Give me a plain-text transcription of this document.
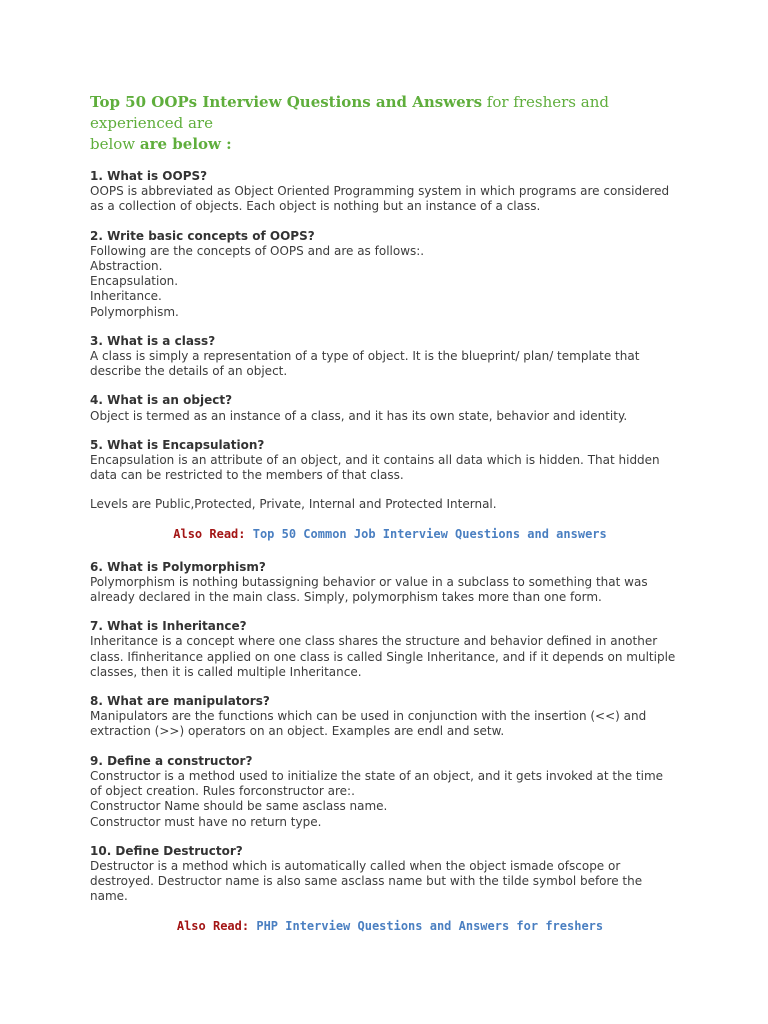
Top 50 OOPs Interview Questions and Answers for freshers and experienced are
below are below :

1. What is OOPS?
OOPS is abbreviated as Object Oriented Programming system in which programs are considered
as a collection of objects. Each object is nothing but an instance of a class.
2. Write basic concepts of OOPS?
Following are the concepts of OOPS and are as follows:.
Abstraction.
Encapsulation.
Inheritance.
Polymorphism.
3. What is a class?
A class is simply a representation of a type of object. It is the blueprint/ plan/ template that
describe the details of an object.
4. What is an object?
Object is termed as an instance of a class, and it has its own state, behavior and identity.
5. What is Encapsulation?
Encapsulation is an attribute of an object, and it contains all data which is hidden. That hidden
data can be restricted to the members of that class.
Levels are Public,Protected, Private, Internal and Protected Internal.
Also Read: Top 50 Common Job Interview Questions and answers
6. What is Polymorphism?
Polymorphism is nothing butassigning behavior or value in a subclass to something that was
already declared in the main class. Simply, polymorphism takes more than one form.
7. What is Inheritance?
Inheritance is a concept where one class shares the structure and behavior defined in another
class. Ifinheritance applied on one class is called Single Inheritance, and if it depends on multiple
classes, then it is called multiple Inheritance.
8. What are manipulators?
Manipulators are the functions which can be used in conjunction with the insertion (<<) and
extraction (>>) operators on an object. Examples are endl and setw.
9. Define a constructor?
Constructor is a method used to initialize the state of an object, and it gets invoked at the time
of object creation. Rules forconstructor are:.
Constructor Name should be same asclass name.
Constructor must have no return type.
10. Define Destructor?
Destructor is a method which is automatically called when the object ismade ofscope or
destroyed. Destructor name is also same asclass name but with the tilde symbol before the
name.
Also Read: PHP Interview Questions and Answers for freshers
